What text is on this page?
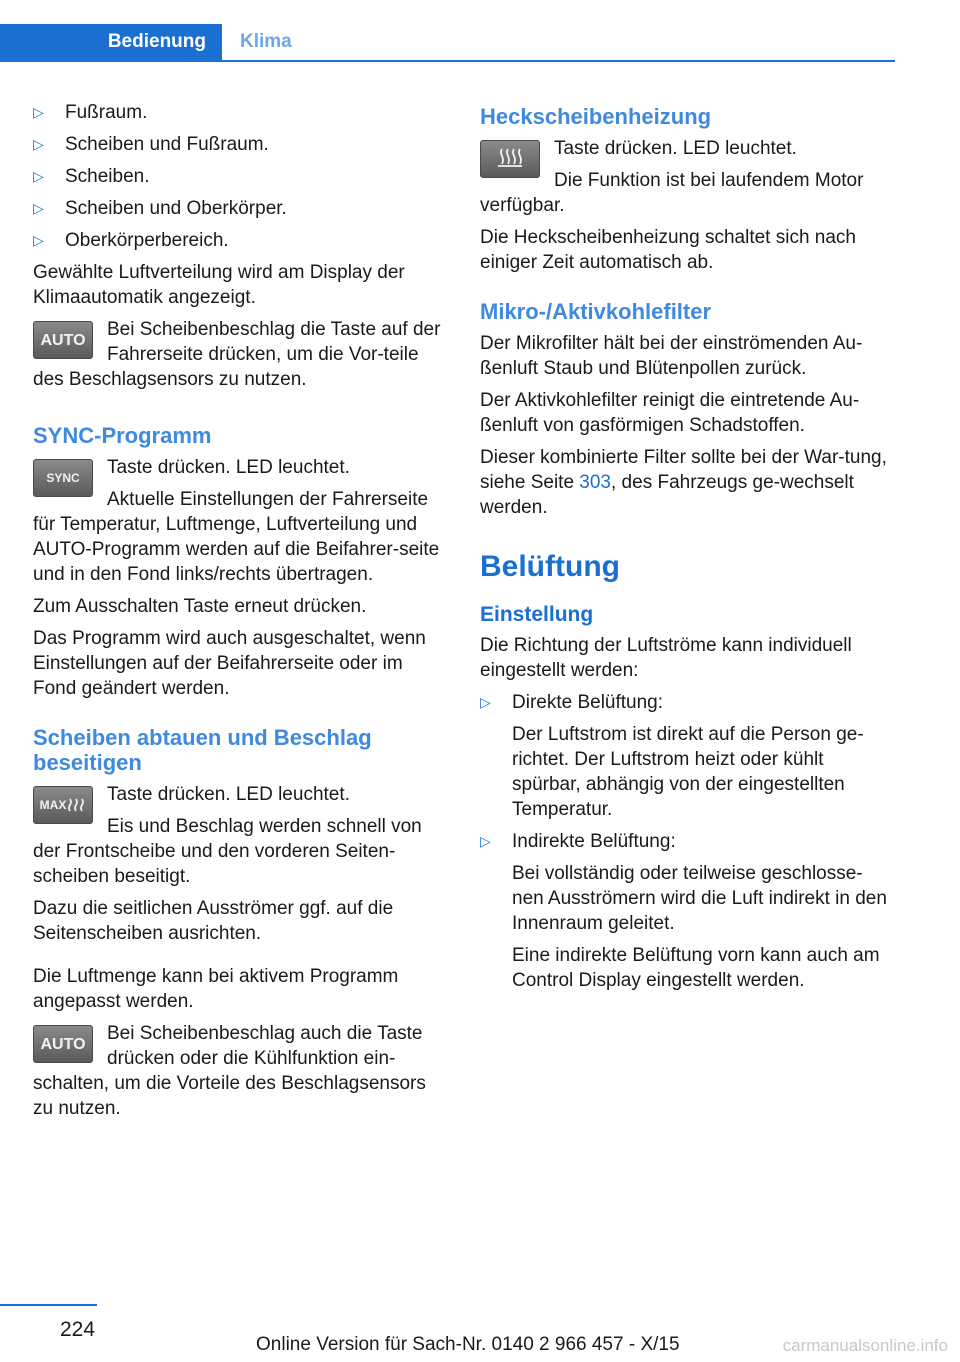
Bedienung Klima
▷ Fußraum.
▷ Scheiben und Fußraum.
▷ Scheiben.
▷ Scheiben und Oberkörper.
▷ Oberkörperbereich.

Gewählte Luftverteilung wird am Display der Klimaautomatik angezeigt.

AUTO	Bei Scheibenbeschlag die Taste auf der Fahrerseite drücken, um die Vor-teile des Beschlagsensors zu nutzen.

SYNC-Programm
SYNC	Taste drücken. LED leuchtet.

Aktuelle Einstellungen der Fahrerseite für Temperatur, Luftmenge, Luftverteilung und AUTO-Programm werden auf die Beifahrer-seite und in den Fond links/rechts übertragen.

Zum Ausschalten Taste erneut drücken.

Das Programm wird auch ausgeschaltet, wenn Einstellungen auf der Beifahrerseite oder im Fond geändert werden.

Scheiben abtauen und Beschlag beseitigen
MAX	Taste drücken. LED leuchtet.

Eis und Beschlag werden schnell von der Frontscheibe und den vorderen Seiten-scheiben beseitigt.

Dazu die seitlichen Ausströmer ggf. auf die Seitenscheiben ausrichten.

Die Luftmenge kann bei aktivem Programm angepasst werden.

AUTO	Bei Scheibenbeschlag auch die Taste drücken oder die Kühlfunktion ein-schalten, um die Vorteile des Beschlagsensors zu nutzen.

Heckscheibenheizung

Taste drücken. LED leuchtet.

Die Funktion ist bei laufendem Motor verfügbar.

Die Heckscheibenheizung schaltet sich nach einiger Zeit automatisch ab.

Mikro-/Aktivkohlefilter

Der Mikrofilter hält bei der einströmenden Au-ßenluft Staub und Blütenpollen zurück.

Der Aktivkohlefilter reinigt die eintretende Au-ßenluft von gasförmigen Schadstoffen.

Dieser kombinierte Filter sollte bei der War-tung, siehe Seite 303, des Fahrzeugs ge-wechselt werden.

Belüftung
Einstellung

Die Richtung der Luftströme kann individuell eingestellt werden:

▷ Direkte Belüftung:

Der Luftstrom ist direkt auf die Person ge-richtet. Der Luftstrom heizt oder kühlt spürbar, abhängig von der eingestellten Temperatur.

▷ Indirekte Belüftung:

Bei vollständig oder teilweise geschlosse-nen Ausströmern wird die Luft indirekt in den Innenraum geleitet.

Eine indirekte Belüftung vorn kann auch am Control Display eingestellt werden.

224
Online Version für Sach-Nr. 0140 2 966 457 - X/15	carmanualsonline.info
